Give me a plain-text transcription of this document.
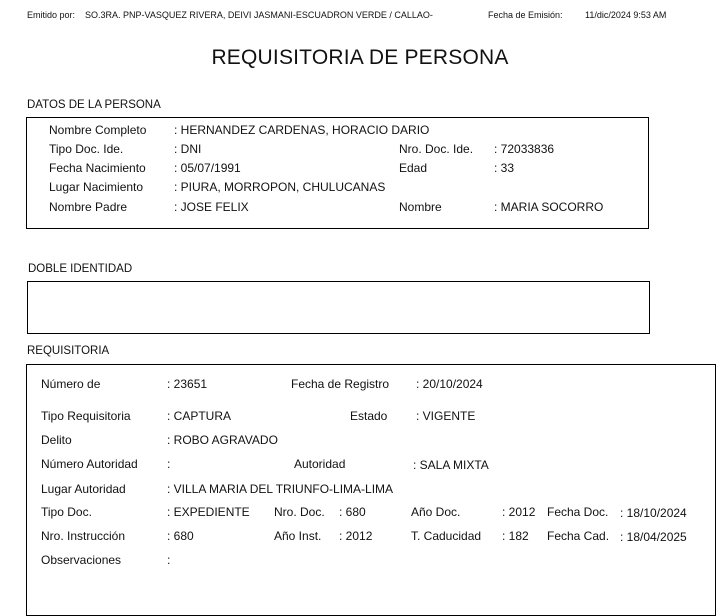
Emitido por: SO.3RA. PNP-VASQUEZ RIVERA, DEIVI JASMANI-ESCUADRON VERDE / CALLAO-	Fecha de Emisión: 11/dic/2024 9:53 AM
REQUISITORIA DE PERSONA
DATOS DE LA PERSONA
Nombre Completo : HERNANDEZ CARDENAS, HORACIO DARIO
Tipo Doc. Ide.	: DNI	Nro. Doc. Ide. : 72033836
Fecha Nacimiento : 05/07/1991	Edad	: 33
Lugar Nacimiento	: PIURA, MORROPON, CHULUCANAS
Nombre Padre	: JOSE FELIX	Nombre	: MARIA SOCORRO
DOBLE IDENTIDAD
REQUISITORIA
Número de	: 23651	Fecha de Registro : 20/10/2024
Tipo Requisitoria	: CAPTURA	Estado : VIGENTE
Delito	: ROBO AGRAVADO
Número Autoridad :	Autoridad	: SALA MIXTA
Lugar Autoridad	: VILLA MARIA DEL TRIUNFO-LIMA-LIMA
Tipo Doc.	: EXPEDIENTE Nro. Doc. : 680	Año Doc.	: 2012 Fecha Doc. : 18/10/2024
Nro. Instrucción	: 680	Año Inst. : 2012	T. Caducidad : 182 Fecha Cad. : 18/04/2025
Observaciones	:
